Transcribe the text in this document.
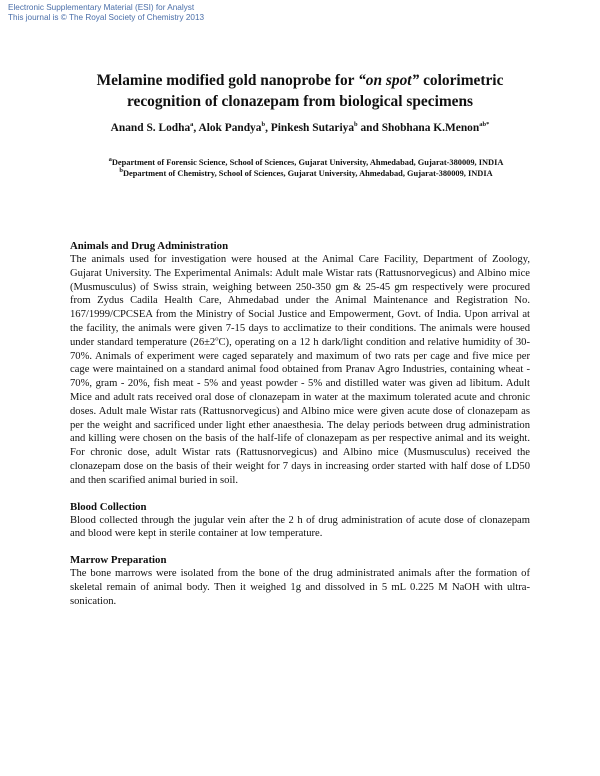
Electronic Supplementary Material (ESI) for Analyst
This journal is © The Royal Society of Chemistry 2013
Melamine modified gold nanoprobe for “on spot” colorimetric
recognition of clonazepam from biological specimens
Anand S. Lodha$^a$, Alok Pandya$^b$, Pinkesh Sutariya$^b$ and Shobhana K.Menon$^{ab*}$

$^a$Department of Forensic Science, School of Sciences, Gujarat University, Ahmedabad, Gujarat-380009, INDIA

$^b$Department of Chemistry, School of Sciences, Gujarat University, Ahmedabad, Gujarat-380009, INDIA

Animals and Drug Administration

The animals used for investigation were housed at the Animal Care Facility, Department of Zoology, Gujarat University. The Experimental Animals: Adult male Wistar rats (Rattusnorvegicus) and Albino mice (Musmusculus) of Swiss strain, weighing between 250-350 gm & 25-45 gm respectively were procured from Zydus Cadila Health Care, Ahmedabad under the Animal Maintenance and Registration No. 167/1999/CPCSEA from the Ministry of Social Justice and Empowerment, Govt. of India. Upon arrival at the facility, the animals were given 7-15 days to acclimatize to their conditions. The animals were housed under standard temperature $(26\pm 2^oC)$, operating on a 12 h dark/light condition and relative humidity of 30-70%. Animals of experiment were caged separately and maximum of two rats per cage and five mice per cage were maintained on a standard animal food obtained from Pranav Agro Industries, containing wheat - 70%, gram - 20%, fish meat - 5% and yeast powder - 5% and distilled water was given ad libitum. Adult Mice and adult rats received oral dose of clonazepam in water at the maximum tolerated acute and chronic doses. Adult male Wistar rats (Rattusnorvegicus) and Albino mice were given acute dose of clonazepam as per the weight and sacrificed under light ether anaesthesia. The delay periods between drug administration and killing were chosen on the basis of the half-life of clonazepam as per respective animal and its weight. For chronic dose, adult Wistar rats (Rattusnorvegicus) and Albino mice (Musmusculus) received the clonazepam dose on the basis of their weight for 7 days in increasing order started with half dose of LD50 and then scarified animal buried in soil.

Blood Collection

Blood collected through the jugular vein after the 2 h of drug administration of acute dose of clonazepam and blood were kept in sterile container at low temperature.

Marrow Preparation

The bone marrows were isolated from the bone of the drug administrated animals after the formation of skeletal remain of animal body. Then it weighed 1g and dissolved in 5 mL 0.225 M NaOH with ultra-sonication.
